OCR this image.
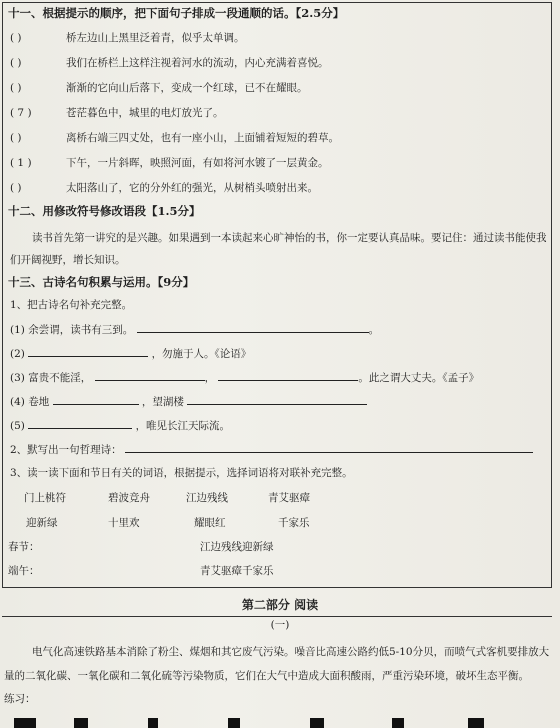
十一、根据提示的顺序，把下面句子排成一段通顺的话。【2.5分】
( )	桥左边山上黑里泛着青，似乎太单调。
( )	我们在桥栏上这样注视着河水的流动，内心充满着喜悦。
( )	渐渐的它向山后落下，变成一个红球，已不在耀眼。
( 7 )	苍茫暮色中，城里的电灯放光了。
( )	离桥右端三四丈处，也有一座小山，上面铺着短短的碧草。
( 1 )	下午，一片斜晖，映照河面，有如将河水镀了一层黄金。
( )	太阳落山了，它的分外红的强光，从树梢头喷射出来。
十二、用修改符号修改语段【1.5分】
读书首先第一讲究的是兴趣。如果遇到一本读起来心旷神怡的书，你一定要认真品味。要记住：通过读书能使我们开阔视野，增长知识。
十三、古诗名句积累与运用。【9分】
1、把古诗名句补充完整。
(1) 余尝谓，读书有三到。	。
(2)	，勿施于人。《论语》
(3) 富贵不能淫，	，	。此之谓大丈夫。《孟子》
(4) 卷地	，望湖楼
(5)	，唯见长江天际流。
2、默写出一句哲理诗：
3、读一读下面和节日有关的词语，根据提示，选择词语将对联补充完整。
门上桃符	碧波竞舟	江边残线	青艾驱瘴
迎新绿	十里欢	耀眼红	千家乐
春节：	江边残线迎新绿
端午：	青艾驱瘴千家乐
第二部分 阅读
(一)
电气化高速铁路基本消除了粉尘、煤烟和其它废气污染。噪音比高速公路约低5-10分贝，而喷气式客机要排放大量的二氧化碳、一氧化碳和二氧化硫等污染物质，它们在大气中造成大面积酸雨，严重污染环境，破坏生态平衡。
练习：
